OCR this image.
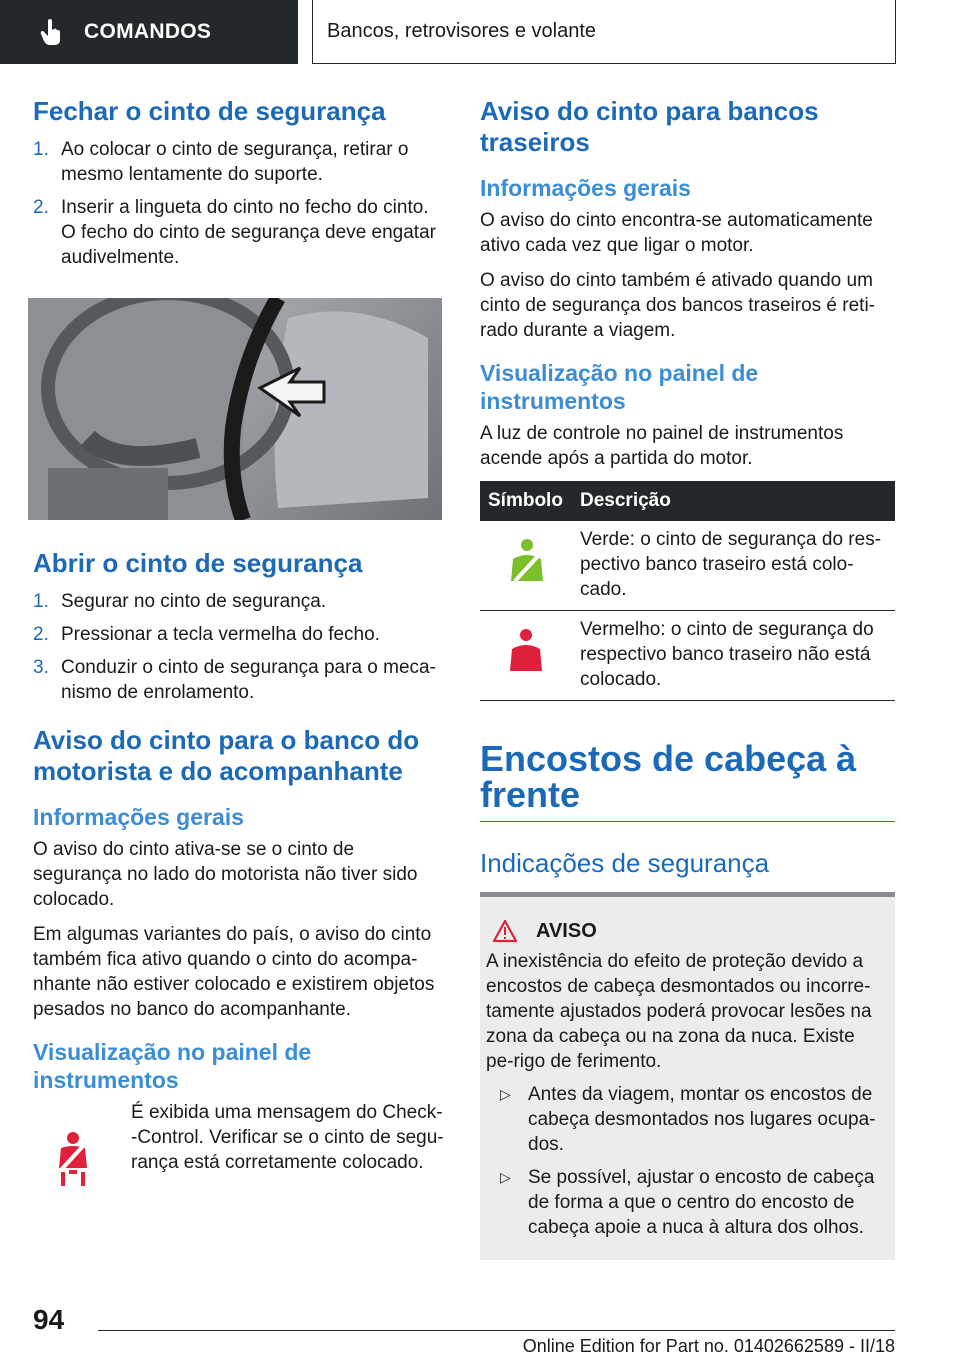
COMANDOS	Bancos, retrovisores e volante
Fechar o cinto de segurança
1. Ao colocar o cinto de segurança, retirar o mesmo lentamente do suporte.
2. Inserir a lingueta do cinto no fecho do cinto. O fecho do cinto de segurança deve engatar audivelmente.
Abrir o cinto de segurança
1. Segurar no cinto de segurança.
2. Pressionar a tecla vermelha do fecho.
3. Conduzir o cinto de segurança para o meca-nismo de enrolamento.
Aviso do cinto para o banco do motorista e do acompanhante
Informações gerais

O aviso do cinto ativa-se se o cinto de segurança no lado do motorista não tiver sido colocado.

Em algumas variantes do país, o aviso do cinto também fica ativo quando o cinto do acompa-nhante não estiver colocado e existirem objetos pesados no banco do acompanhante.

Visualização no painel de instrumentos

É exibida uma mensagem do Check--Control. Verificar se o cinto de segu-rança está corretamente colocado.

Aviso do cinto para bancos traseiros
Informações gerais

O aviso do cinto encontra-se automaticamente ativo cada vez que ligar o motor.

O aviso do cinto também é ativado quando um cinto de segurança dos bancos traseiros é reti-rado durante a viagem.

Visualização no painel de instrumentos

A luz de controle no painel de instrumentos acende após a partida do motor.

Símbolo	Descrição
	Verde: o cinto de segurança do res-pectivo banco traseiro está colo-cado.
	Vermelho: o cinto de segurança do respectivo banco traseiro não está colocado.
Encostos de cabeça à frente
Indicações de segurança
AVISO

A inexistência do efeito de proteção devido a encostos de cabeça desmontados ou incorre-tamente ajustados poderá provocar lesões na zona da cabeça ou na zona da nuca. Existe pe-rigo de ferimento.

▷ Antes da viagem, montar os encostos de cabeça desmontados nos lugares ocupa-dos.
▷ Se possível, ajustar o encosto de cabeça de forma a que o centro do encosto de cabeça apoie a nuca à altura dos olhos.
94
Online Edition for Part no. 01402662589 - II/18
